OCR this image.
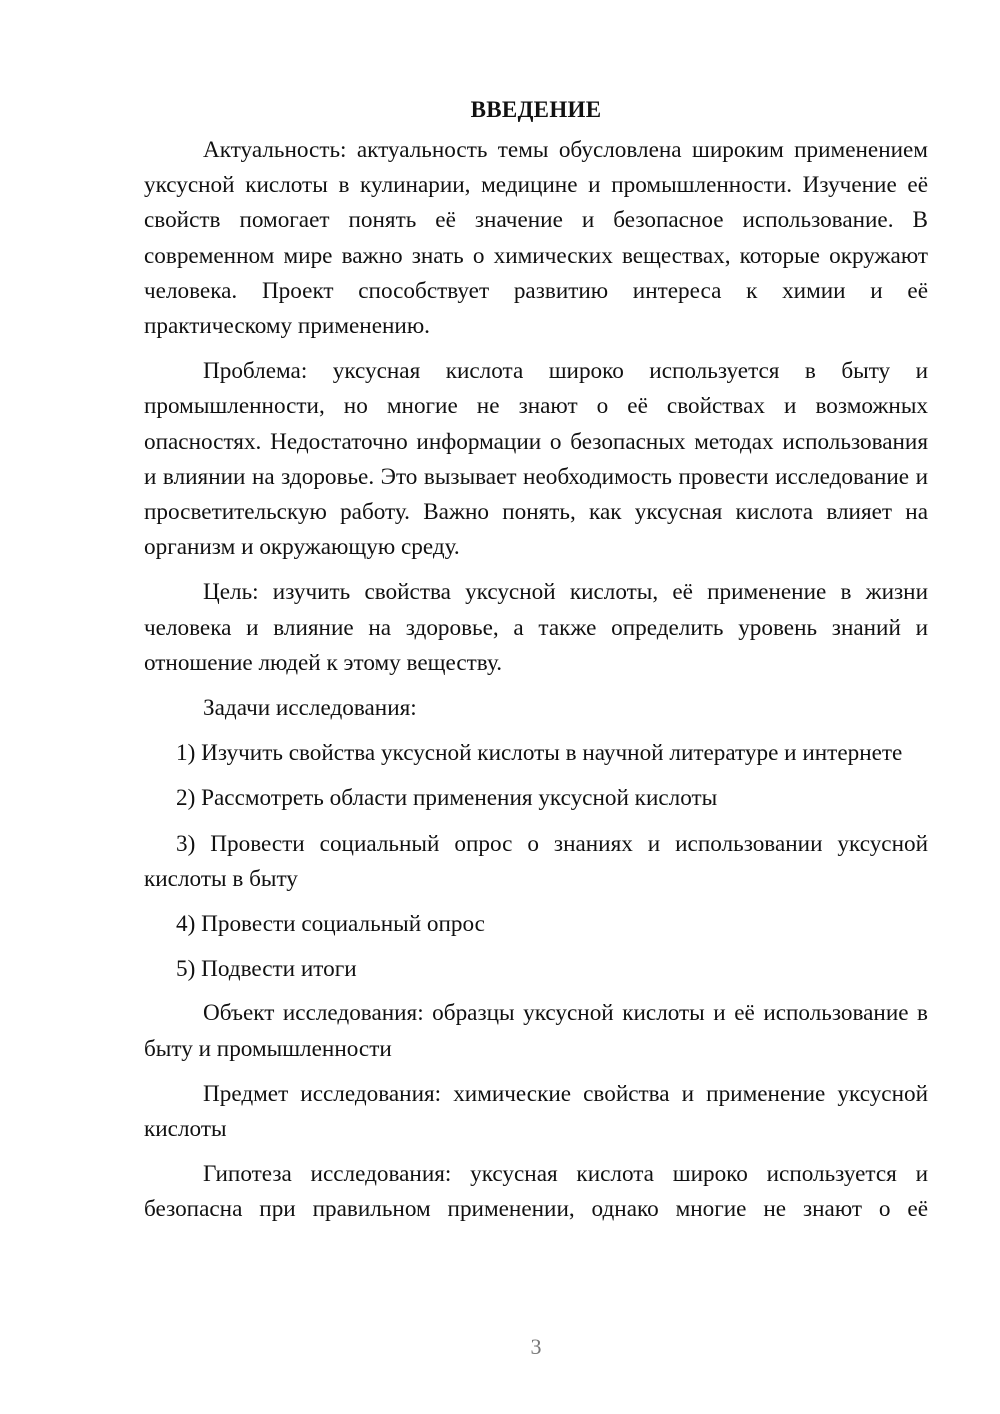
ВВЕДЕНИЕ

Актуальность: актуальность темы обусловлена широким применением уксусной кислоты в кулинарии, медицине и промышленности. Изучение её свойств помогает понять её значение и безопасное использование. В современном мире важно знать о химических веществах, которые окружают человека. Проект способствует развитию интереса к химии и её практическому применению.

Проблема: уксусная кислота широко используется в быту и промышленности, но многие не знают о её свойствах и возможных опасностях. Недостаточно информации о безопасных методах использования и влиянии на здоровье. Это вызывает необходимость провести исследование и просветительскую работу. Важно понять, как уксусная кислота влияет на организм и окружающую среду.

Цель: изучить свойства уксусной кислоты, её применение в жизни человека и влияние на здоровье, а также определить уровень знаний и отношение людей к этому веществу.

Задачи исследования:

1) Изучить свойства уксусной кислоты в научной литературе и интернете

2) Рассмотреть области применения уксусной кислоты

3) Провести социальный опрос о знаниях и использовании уксусной кислоты в быту

4) Провести социальный опрос

5) Подвести итоги

Объект исследования: образцы уксусной кислоты и её использование в быту и промышленности

Предмет исследования: химические свойства и применение уксусной кислоты

Гипотеза исследования: уксусная кислота широко используется и безопасна при правильном применении, однако многие не знают о её

3
